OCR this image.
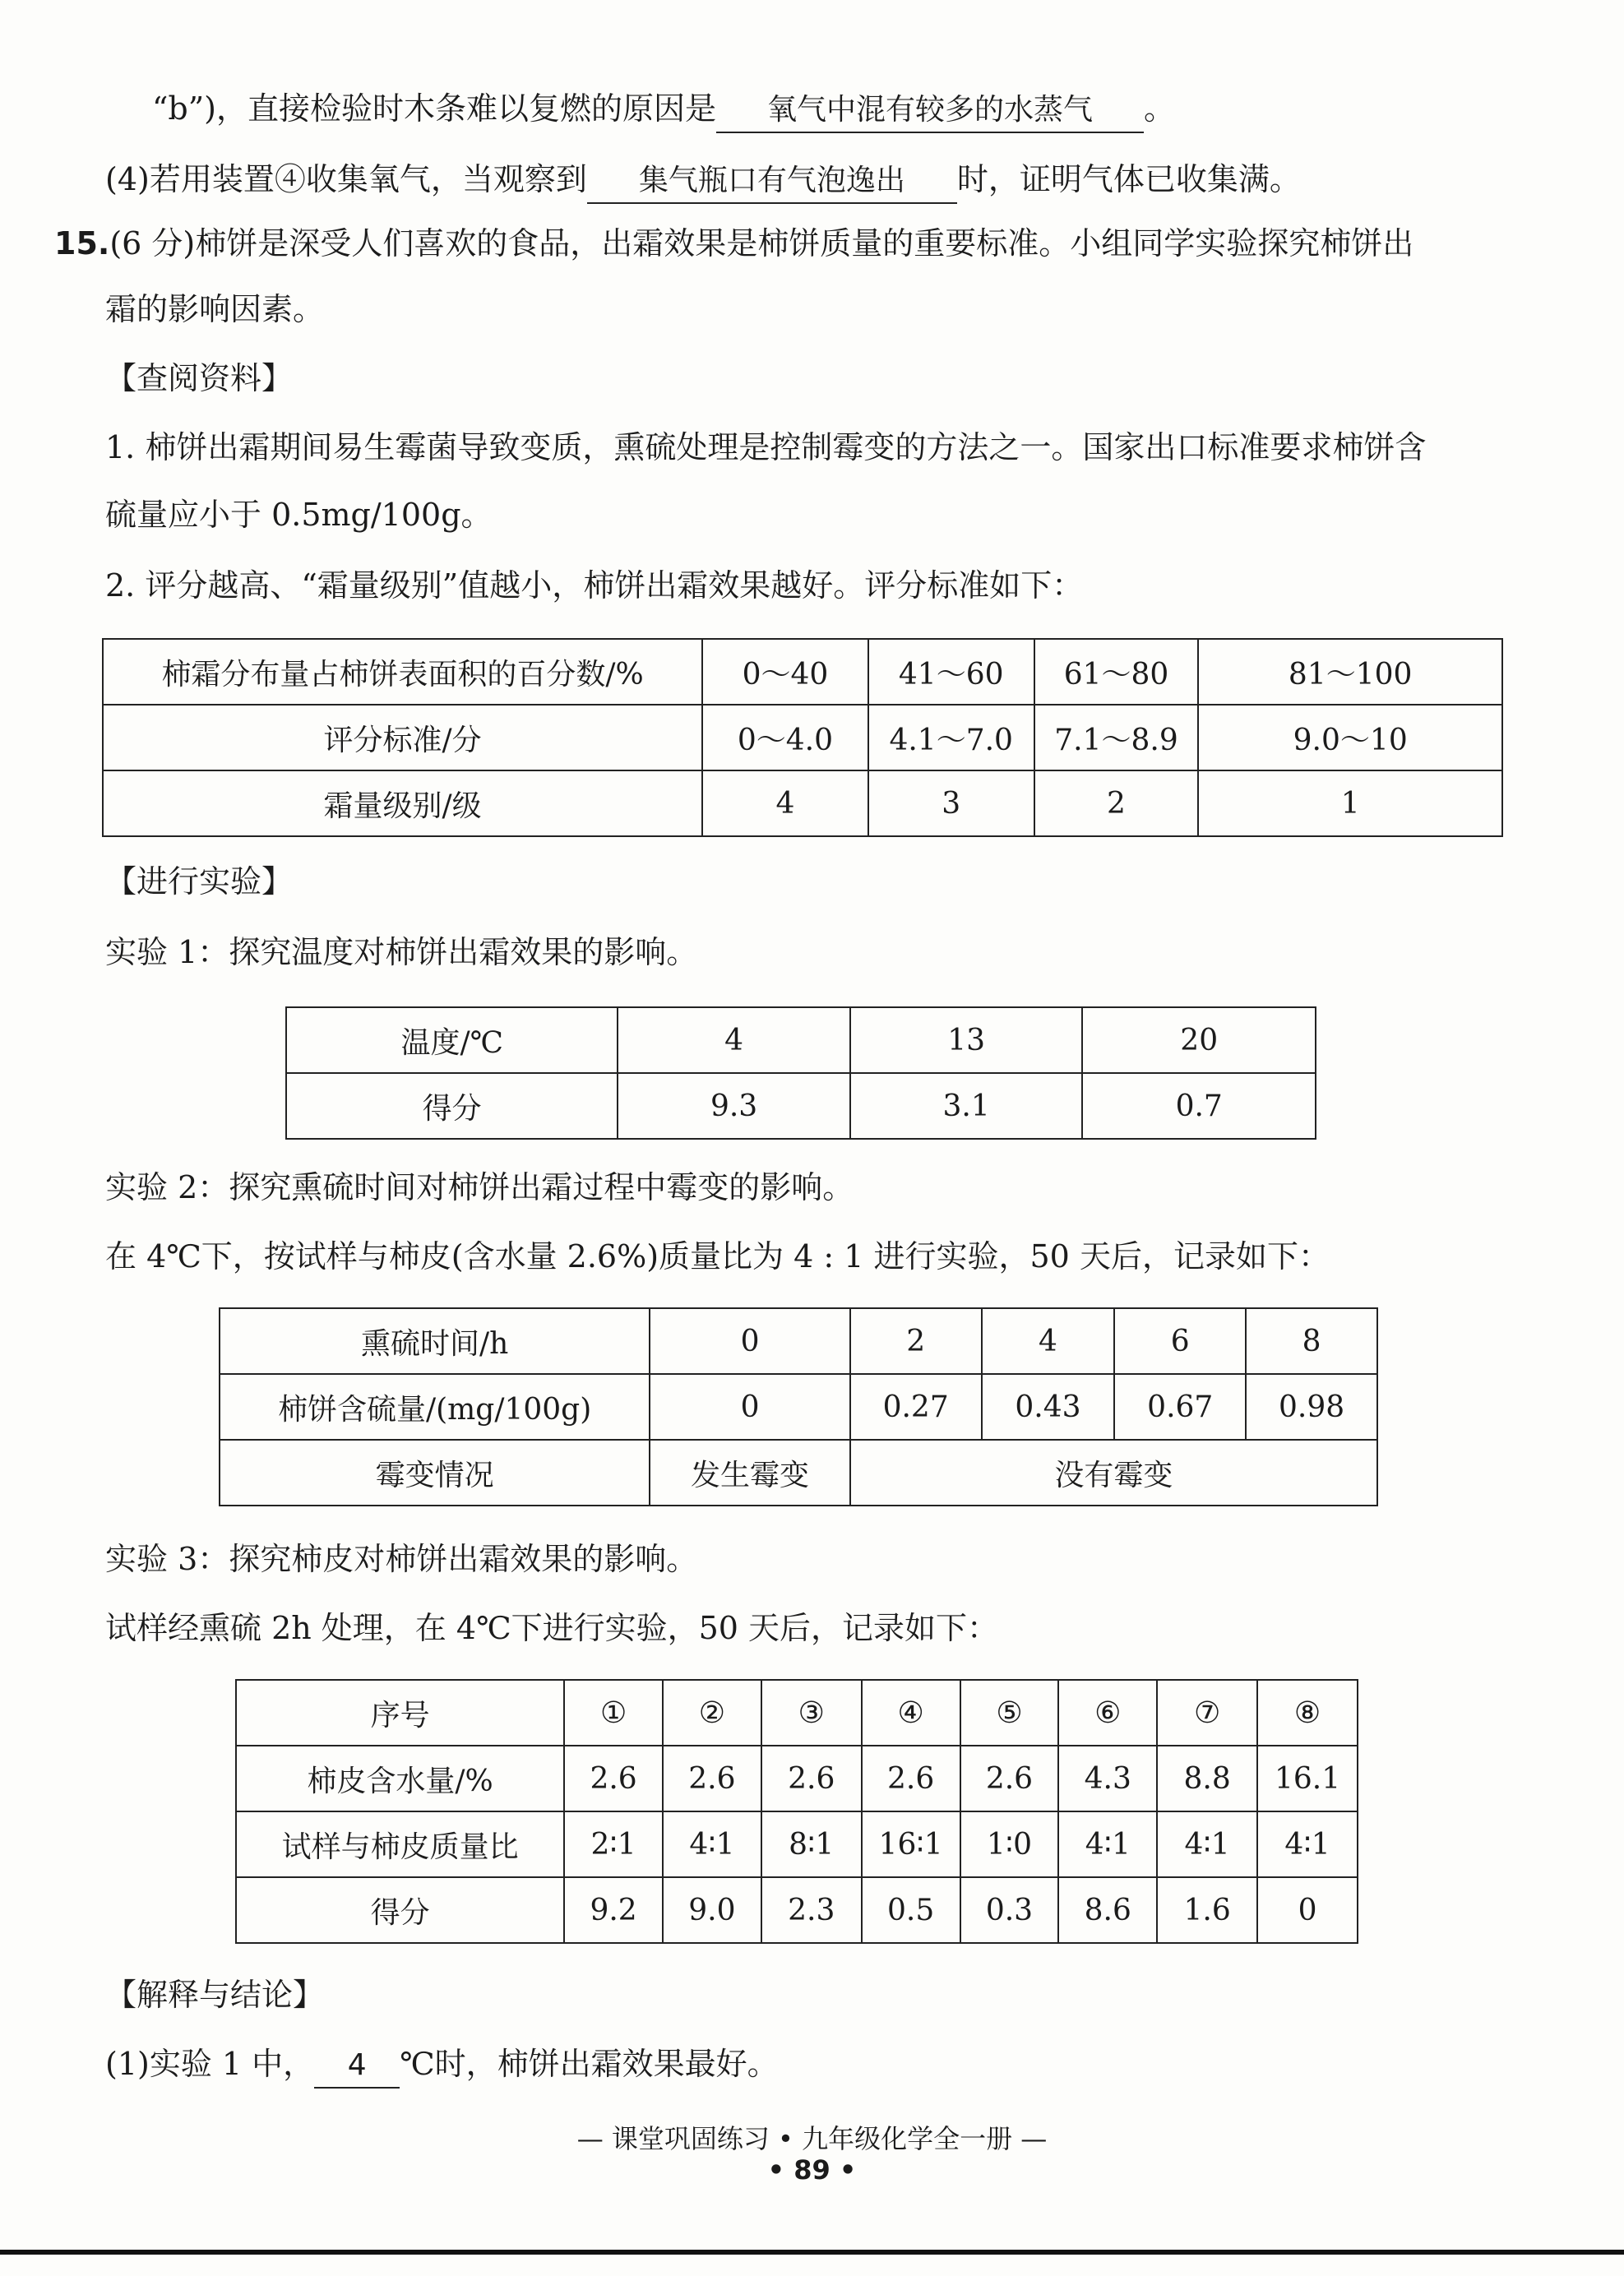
“b”)，直接检验时木条难以复燃的原因是 氧气中混有较多的水蒸气 。
(4)若用装置④收集氧气，当观察到 集气瓶口有气泡逸出 时，证明气体已收集满。
15.(6 分)柿饼是深受人们喜欢的食品，出霜效果是柿饼质量的重要标准。小组同学实验探究柿饼出
霜的影响因素。
【查阅资料】
1. 柿饼出霜期间易生霉菌导致变质，熏硫处理是控制霉变的方法之一。国家出口标准要求柿饼含
硫量应小于 0.5mg/100g。
2. 评分越高、“霜量级别”值越小，柿饼出霜效果越好。评分标准如下：
柿霜分布量占柿饼表面积的百分数/%	0～40	41～60	61～80	81～100
评分标准/分	0～4.0	4.1～7.0	7.1～8.9	9.0～10
霜量级别/级	4	3	2	1
【进行实验】
实验 1：探究温度对柿饼出霜效果的影响。
温度/℃	4	13	20
得分	9.3	3.1	0.7
实验 2：探究熏硫时间对柿饼出霜过程中霉变的影响。
在 4℃下，按试样与柿皮(含水量 2.6%)质量比为 4 : 1 进行实验，50 天后，记录如下：
熏硫时间/h	0	2	4	6	8
柿饼含硫量/(mg/100g)	0	0.27	0.43	0.67	0.98
霉变情况	发生霉变	没有霉变			
实验 3：探究柿皮对柿饼出霜效果的影响。
试样经熏硫 2h 处理，在 4℃下进行实验，50 天后，记录如下：
序号	①	②	③	④	⑤	⑥	⑦	⑧
柿皮含水量/%	2.6	2.6	2.6	2.6	2.6	4.3	8.8	16.1
试样与柿皮质量比	2∶1	4∶1	8∶1	16∶1	1∶0	4∶1	4∶1	4∶1
得分	9.2	9.0	2.3	0.5	0.3	8.6	1.6	0
【解释与结论】
(1)实验 1 中， 4 ℃时，柿饼出霜效果最好。
— 课堂巩固练习 • 九年级化学全一册 —
• 89 •
